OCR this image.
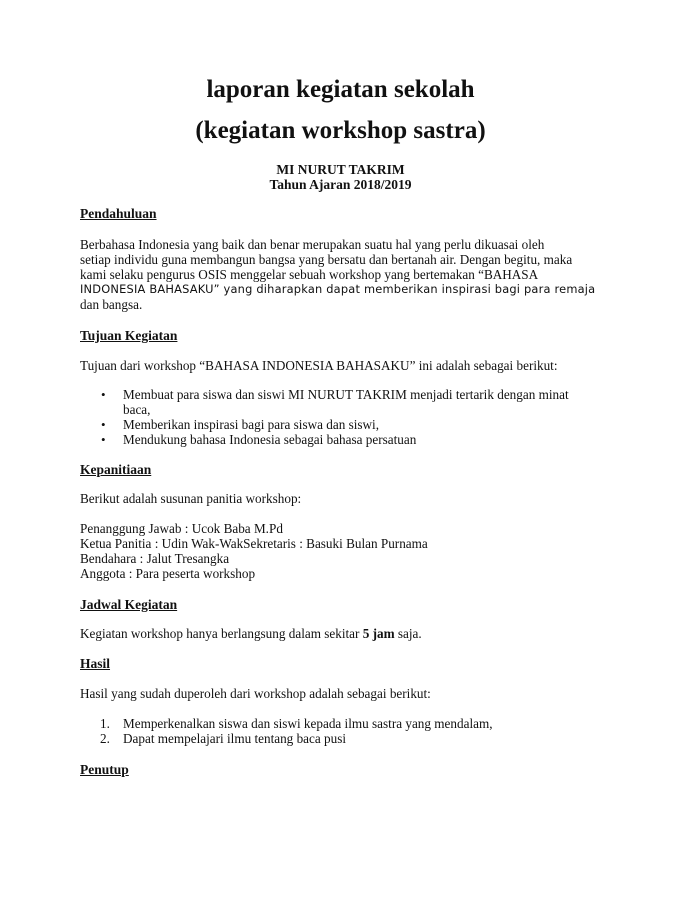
laporan kegiatan sekolah
(kegiatan workshop sastra)
MI NURUT TAKRIM
Tahun Ajaran 2018/2019
Pendahuluan
Berbahasa Indonesia yang baik dan benar merupakan suatu hal yang perlu dikuasai oleh
setiap individu guna membangun bangsa yang bersatu dan bertanah air. Dengan begitu, maka
kami selaku pengurus OSIS menggelar sebuah workshop yang bertemakan “BAHASA
INDONESIA BAHASAKU” yang diharapkan dapat memberikan inspirasi bagi para remaja
dan bangsa.
Tujuan Kegiatan
Tujuan dari workshop “BAHASA INDONESIA BAHASAKU” ini adalah sebagai berikut:
• Membuat para siswa dan siswi MI NURUT TAKRIM menjadi tertarik dengan minat
baca,
• Memberikan inspirasi bagi para siswa dan siswi,
• Mendukung bahasa Indonesia sebagai bahasa persatuan
Kepanitiaan
Berikut adalah susunan panitia workshop:
Penanggung Jawab : Ucok Baba M.Pd
Ketua Panitia : Udin Wak-WakSekretaris : Basuki Bulan Purnama
Bendahara : Jalut Tresangka
Anggota : Para peserta workshop
Jadwal Kegiatan
Kegiatan workshop hanya berlangsung dalam sekitar 5 jam saja.
Hasil
Hasil yang sudah duperoleh dari workshop adalah sebagai berikut:
1. Memperkenalkan siswa dan siswi kepada ilmu sastra yang mendalam,
2. Dapat mempelajari ilmu tentang baca pusi
Penutup
